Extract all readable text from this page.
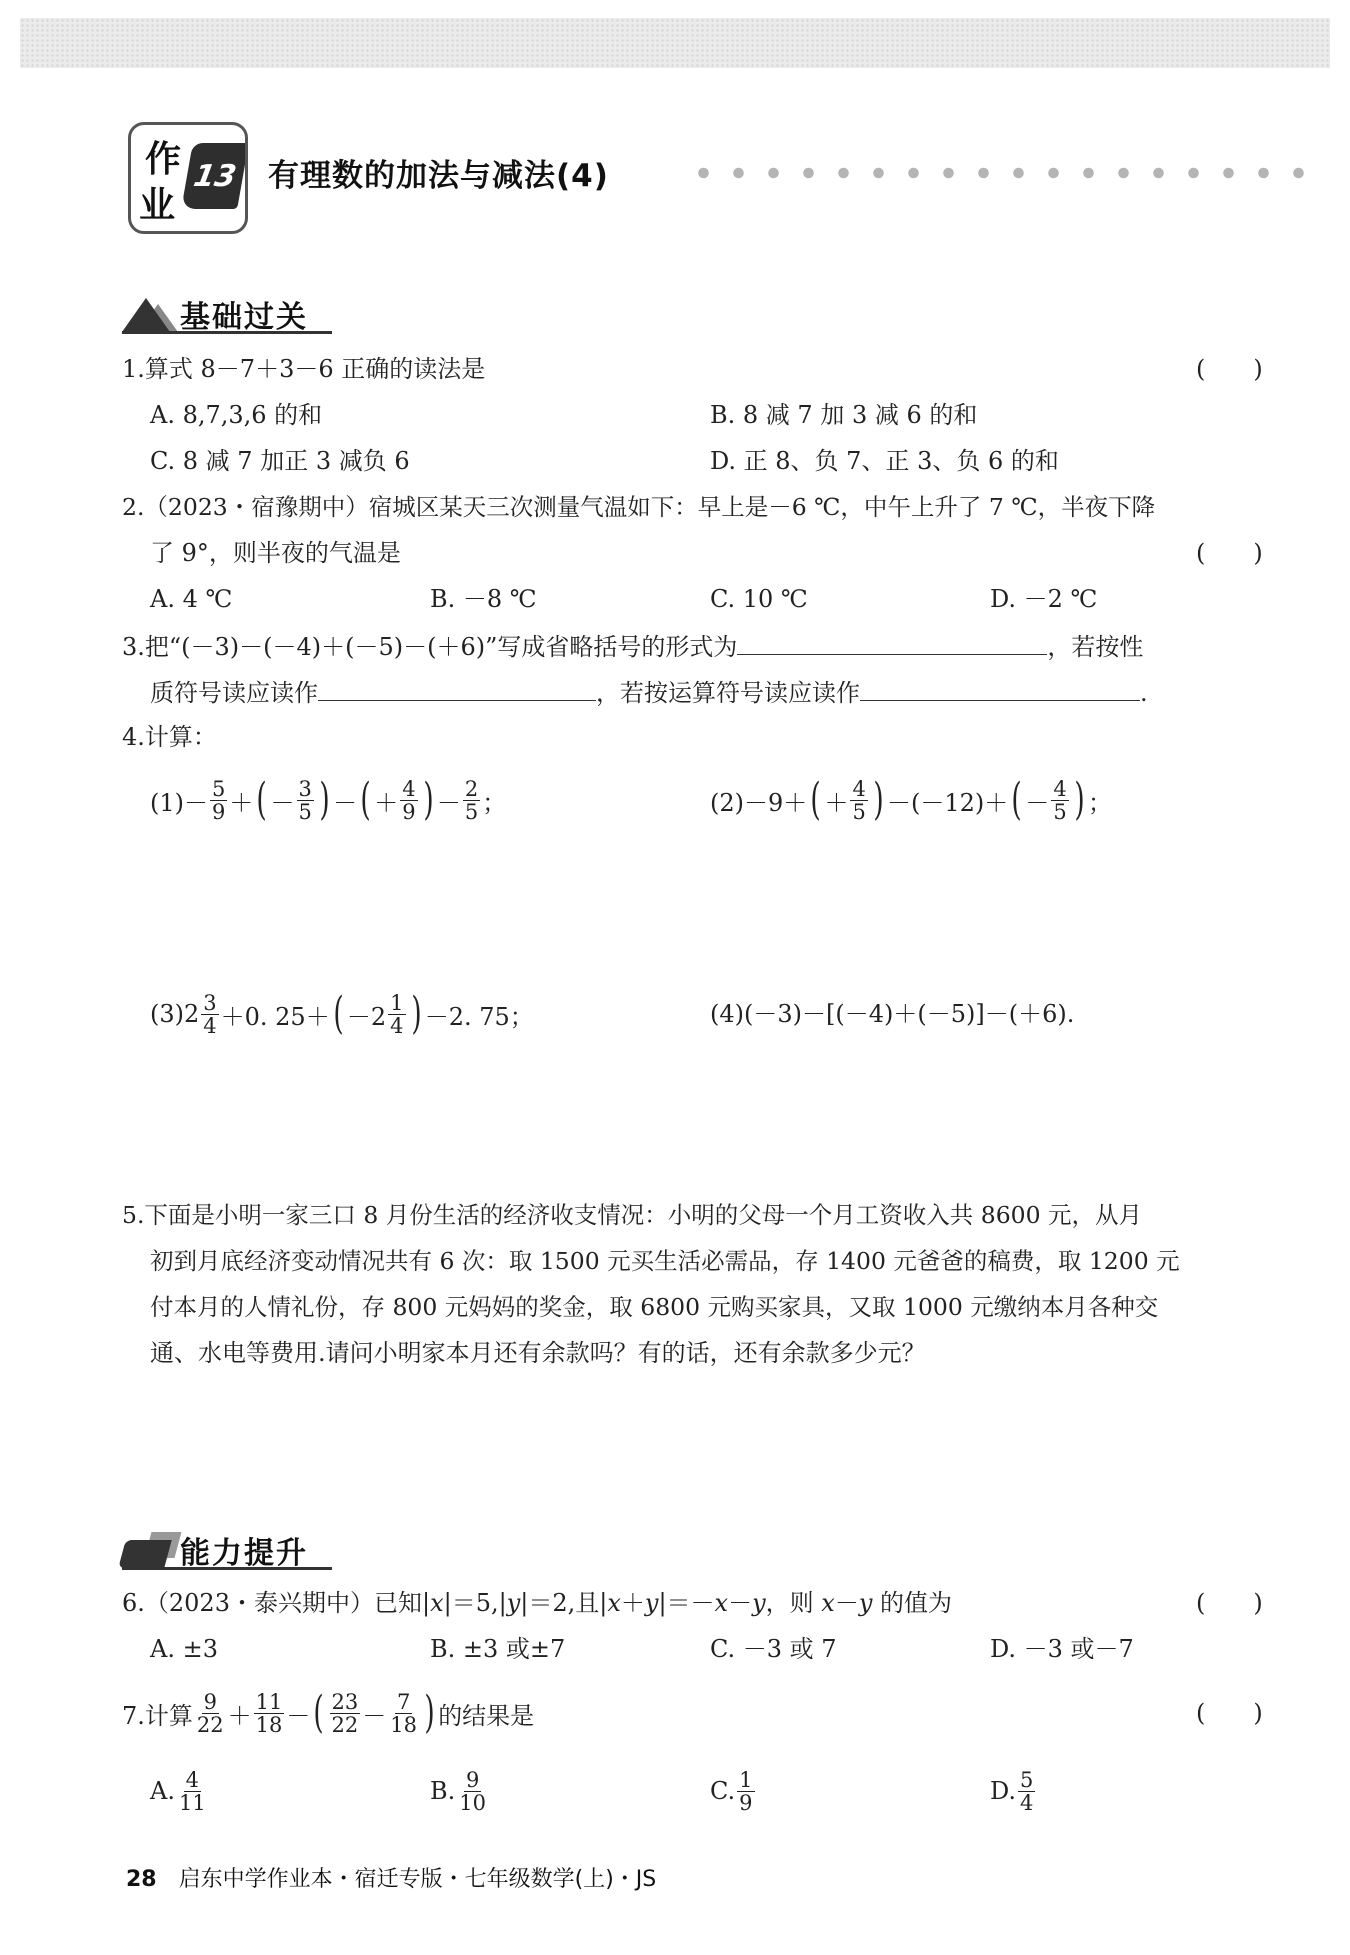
作
业
13 有理数的加法与减法(4)
基础过关
1.算式 8－7＋3－6 正确的读法是	(　　)
A. 8,7,3,6 的和	B. 8 减 7 加 3 减 6 的和
C. 8 减 7 加正 3 减负 6	D. 正 8、负 7、正 3、负 6 的和
2.（2023・宿豫期中）宿城区某天三次测量气温如下：早上是－6 ℃，中午上升了 7 ℃，半夜下降
了 9°，则半夜的气温是	(　　)
A. 4 ℃	B. －8 ℃	C. 10 ℃	D. －2 ℃
3.把“(－3)－(－4)＋(－5)－(＋6)”写成省略括号的形式为	，若按性
质符号读应读作	，若按运算符号读应读作	.
4.计算：
$(1)- \frac{5}{9}$ ＋ ( － $\frac{3}{5}$ ) － ( ＋ $\frac{4}{9}$ ) － $\frac{2}{5}$ ；	(2)－9＋ ( ＋ $\frac{4}{5}$ ) －(－12)＋ ( － $\frac{4}{5}$ ) ；
$(3)2 \frac{3}{4} +0$. 25＋ ( $-2 \frac{1}{4}$ ) －2. 75；	(4)(－3)－[(－4)＋(－5)]－(＋6).
5.下面是小明一家三口 8 月份生活的经济收支情况：小明的父母一个月工资收入共 8600 元，从月
初到月底经济变动情况共有 6 次：取 1500 元买生活必需品，存 1400 元爸爸的稿费，取 1200 元
付本月的人情礼份，存 800 元妈妈的奖金，取 6800 元购买家具，又取 1000 元缴纳本月各种交
通、水电等费用.请问小明家本月还有余款吗？有的话，还有余款多少元？
能力提升
6.（2023・泰兴期中）已知|x|＝5,|y|＝2,且|x＋y|＝－x－y，则 x－y 的值为	(　　)
A. ±3	B. ±3 或±7	C. －3 或 7	D. －3 或－7
7.计算 $\frac{9}{22} + \frac{11}{18}$ － ( $\frac{23}{22} - \frac{7}{18}$ ) 的结果是	(　　)
A. $\frac{4}{11}$	B. $\frac{9}{10}$	C. $\frac{1}{9}$	D. $\frac{5}{4}$
28 启东中学作业本・宿迁专版・七年级数学(上)・JS
